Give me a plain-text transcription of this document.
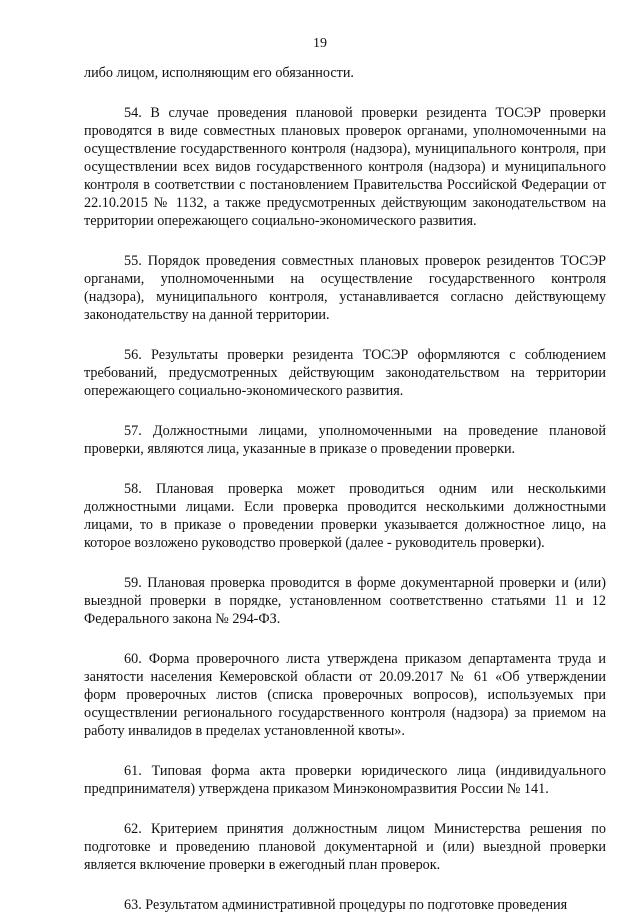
19

либо лицом, исполняющим его обязанности.

54. В случае проведения плановой проверки резидента ТОСЭР проверки проводятся в виде совместных плановых проверок органами, уполномоченными на осуществление государственного контроля (надзора), муниципального контроля, при осуществлении всех видов государственного контроля (надзора) и муниципального контроля в соответствии с постановлением Правительства Российской Федерации от 22.10.2015 № 1132, а также предусмотренных действующим законодательством на территории опережающего социально-экономического развития.

55. Порядок проведения совместных плановых проверок резидентов ТОСЭР органами, уполномоченными на осуществление государственного контроля (надзора), муниципального контроля, устанавливается согласно действующему законодательству на данной территории.

56. Результаты проверки резидента ТОСЭР оформляются с соблюдением требований, предусмотренных действующим законодательством на территории опережающего социально-экономического развития.

57. Должностными лицами, уполномоченными на проведение плановой проверки, являются лица, указанные в приказе о проведении проверки.

58. Плановая проверка может проводиться одним или несколькими должностными лицами. Если проверка проводится несколькими должностными лицами, то в приказе о проведении проверки указывается должностное лицо, на которое возложено руководство проверкой (далее - руководитель проверки).

59. Плановая проверка проводится в форме документарной проверки и (или) выездной проверки в порядке, установленном соответственно статьями 11 и 12 Федерального закона № 294-ФЗ.

60. Форма проверочного листа утверждена приказом департамента труда и занятости населения Кемеровской области от 20.09.2017 № 61 «Об утверждении форм проверочных листов (списка проверочных вопросов), используемых при осуществлении регионального государственного контроля (надзора) за приемом на работу инвалидов в пределах установленной квоты».

61. Типовая форма акта проверки юридического лица (индивидуального предпринимателя) утверждена приказом Минэкономразвития России № 141.

62. Критерием принятия должностным лицом Министерства решения по подготовке и проведению плановой документарной и (или) выездной проверки является включение проверки в ежегодный план проверок.

63. Результатом административной процедуры по подготовке проведения
